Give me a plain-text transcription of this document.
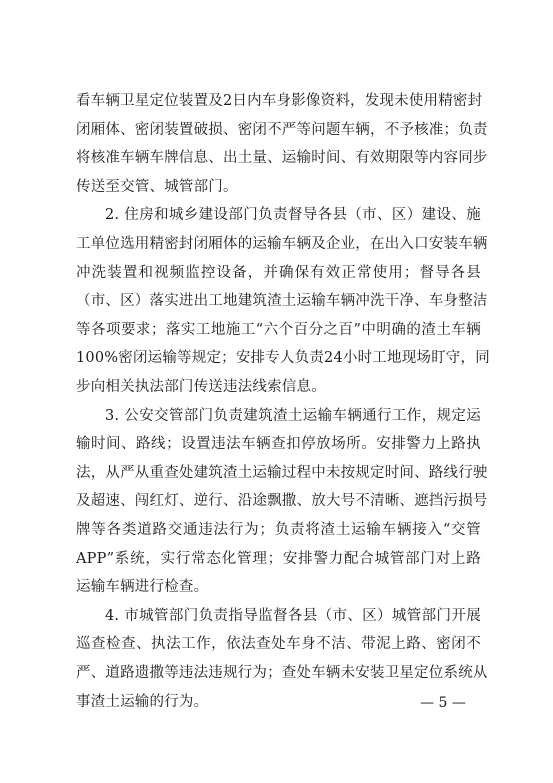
看车辆卫星定位装置及2日内车身影像资料，发现未使用精密封
闭厢体、密闭装置破损、密闭不严等问题车辆，不予核准；负责
将核准车辆车牌信息、出土量、运输时间、有效期限等内容同步
传送至交管、城管部门。
2. 住房和城乡建设部门负责督导各县（市、区）建设、施
工单位选用精密封闭厢体的运输车辆及企业，在出入口安装车辆
冲洗装置和视频监控设备，并确保有效正常使用；督导各县
（市、区）落实进出工地建筑渣土运输车辆冲洗干净、车身整洁
等各项要求；落实工地施工“六个百分之百”中明确的渣土车辆
100%密闭运输等规定；安排专人负责24小时工地现场盯守，同
步向相关执法部门传送违法线索信息。
3. 公安交管部门负责建筑渣土运输车辆通行工作，规定运
输时间、路线；设置违法车辆查扣停放场所。安排警力上路执
法，从严从重查处建筑渣土运输过程中未按规定时间、路线行驶
及超速、闯红灯、逆行、沿途飘撒、放大号不清晰、遮挡污损号
牌等各类道路交通违法行为；负责将渣土运输车辆接入“交管
APP”系统，实行常态化管理；安排警力配合城管部门对上路
运输车辆进行检查。
4. 市城管部门负责指导监督各县（市、区）城管部门开展
巡查检查、执法工作，依法查处车身不洁、带泥上路、密闭不
严、道路遗撒等违法违规行为；查处车辆未安装卫星定位系统从
事渣土运输的行为。	— 5 —
